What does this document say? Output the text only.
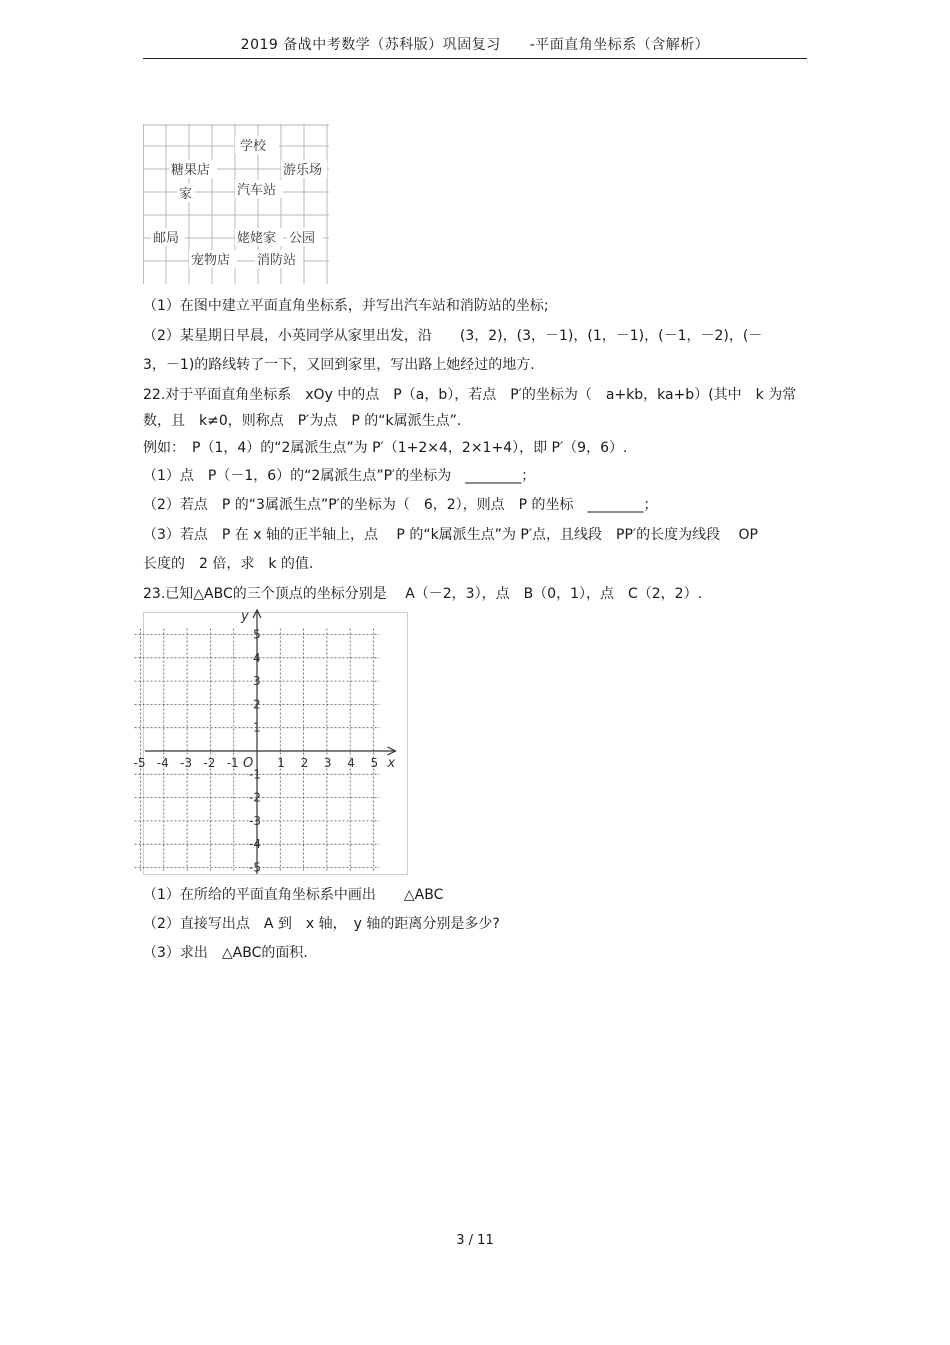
2019 备战中考数学（苏科版）巩固复习　　-平面直角坐标系（含解析）
学校
糖果店	游乐场
家	汽车站
邮局	姥姥家 公园
宠物店 消防站
（1）在图中建立平面直角坐标系，并写出汽车站和消防站的坐标;
（2）某星期日早晨，小英同学从家里出发，沿　　(3，2)，(3，－1)，(1，－1)，(－1，－2)，(－
3，－1)的路线转了一下，又回到家里，写出路上她经过的地方.
22.对于平面直角坐标系　xOy 中的点　P（a，b），若点　P′的坐标为（　a+kb，ka+b）(其中　k 为常
数，且　k≠0，则称点　P′为点　P 的“k属派生点”．
例如：　P（1，4）的“2属派生点”为 P′（1+2×4，2×1+4），即 P′（9，6）.
（1）点　P（－1，6）的“2属派生点”P′的坐标为　________；
（2）若点　P 的“3属派生点”P′的坐标为（　6，2），则点　P 的坐标　________；
（3）若点　P 在 x 轴的正半轴上，点　 P 的“k属派生点”为 P′点，且线段　PP′的长度为线段　 OP
长度的　2 倍，求　k 的值.
23.已知△ABC的三个顶点的坐标分别是　 A（－2，3），点　B（0，1），点　C（2，2）.
-5 -4 -3 -2 -1	1 2 3 4 5
5
4
3
2
1
-1
-2
-3
-4
-5
x
y
O
（1）在所给的平面直角坐标系中画出　　△ABC
（2）直接写出点　A 到　x 轴，　y 轴的距离分别是多少?
（3）求出　△ABC的面积.
3 / 11
